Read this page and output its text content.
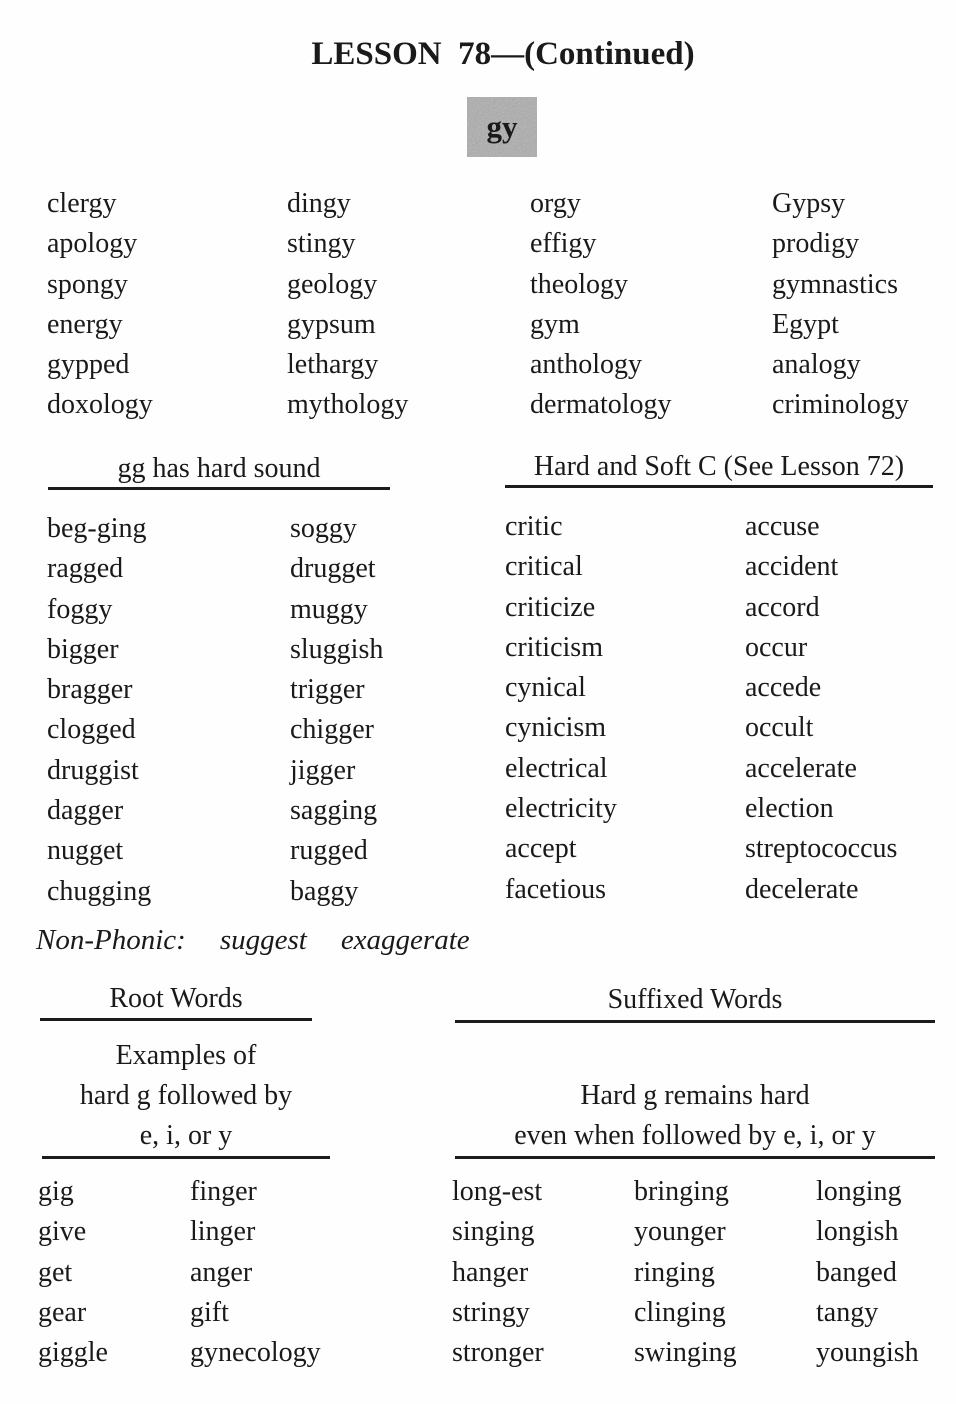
LESSON  78—(Continued)
gy
clergy
apology
spongy
energy
gypped
doxology
dingy
stingy
geology
gypsum
lethargy
mythology
orgy
effigy
theology
gym
anthology
dermatology
Gypsy
prodigy
gymnastics
Egypt
analogy
criminology
gg has hard sound	Hard and Soft C (See Lesson 72)
beg-ging
ragged
foggy
bigger
bragger
clogged
druggist
dagger
nugget
chugging
soggy
drugget
muggy
sluggish
trigger
chigger
jigger
sagging
rugged
baggy
critic
critical
criticize
criticism
cynical
cynicism
electrical
electricity
accept
facetious
accuse
accident
accord
occur
accede
occult
accelerate
election
streptococcus
decelerate
Non-Phonic: suggest exaggerate
Root Words	Suffixed Words
Examples of
hard g followed by
e, i, or y
Hard g remains hard
even when followed by e, i, or y
gig
give
get
gear
giggle
finger
linger
anger
gift
gynecology
long-est
singing
hanger
stringy
stronger
bringing
younger
ringing
clinging
swinging
longing
longish
banged
tangy
youngish
